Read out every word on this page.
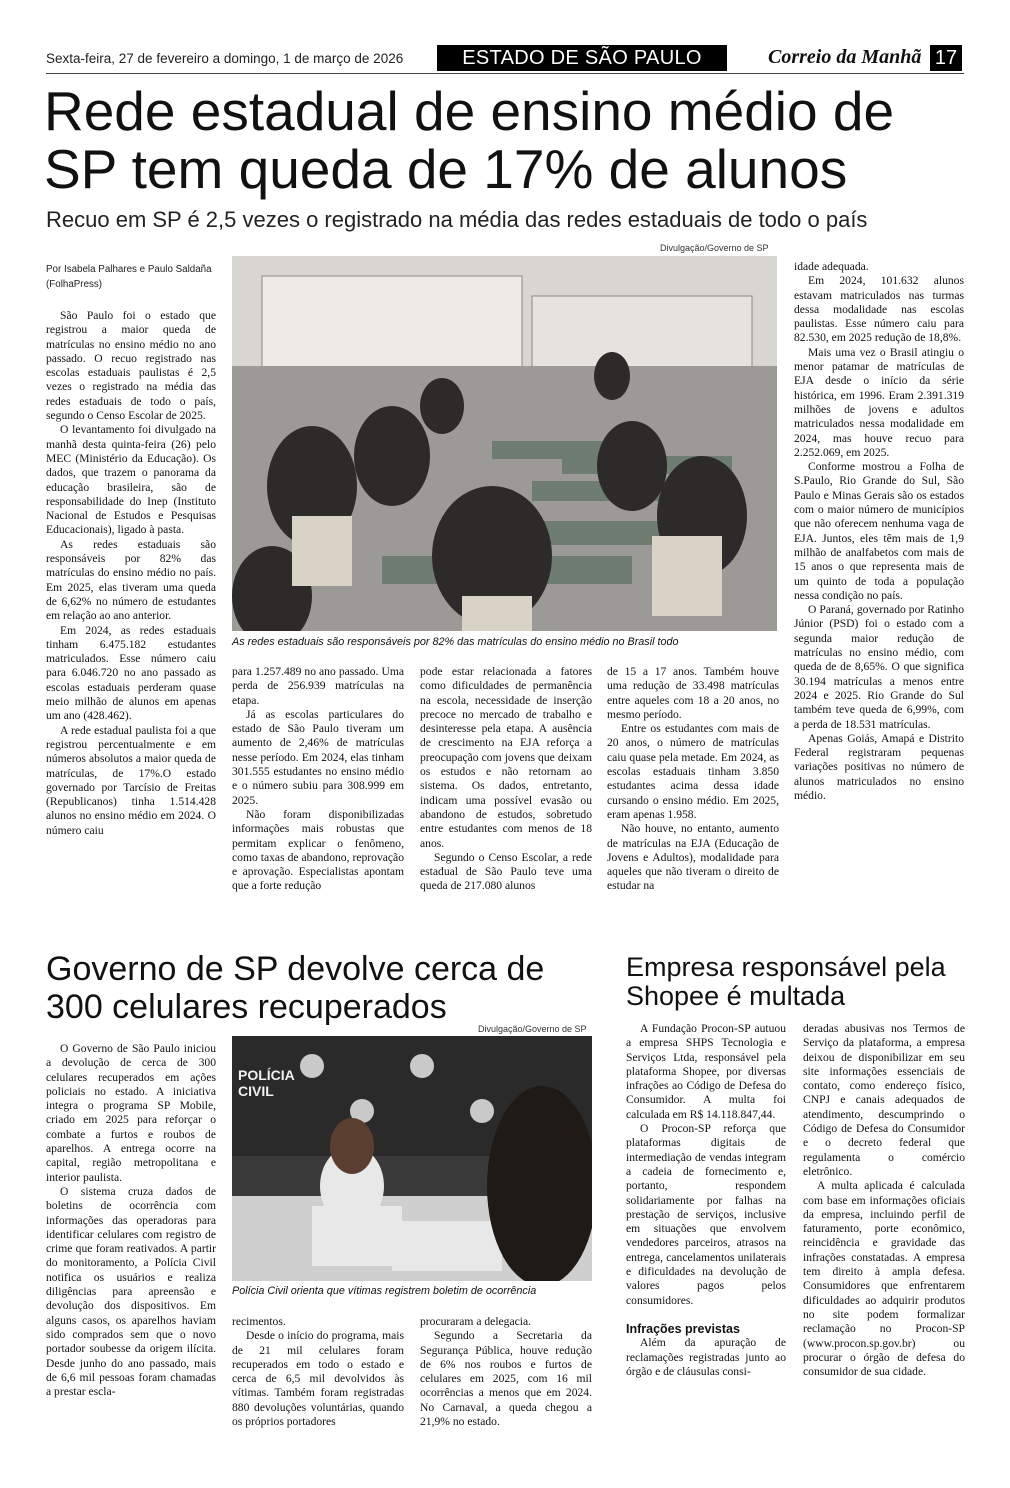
Sexta-feira, 27 de fevereiro a domingo, 1 de março de 2026	ESTADO DE SÃO PAULO	Correio da Manhã 17
Rede estadual de ensino médio de SP tem queda de 17% de alunos
Recuo em SP é 2,5 vezes o registrado na média das redes estaduais de todo o país
Divulgação/Governo de SP
As redes estaduais são responsáveis por 82% das matrículas do ensino médio no Brasil todo
Por Isabela Palhares e Paulo Saldaña (FolhaPress)

São Paulo foi o estado que registrou a maior queda de matrículas no ensino médio no ano passado. O recuo registrado nas escolas estaduais paulistas é 2,5 vezes o registrado na média das redes estaduais de todo o país, segundo o Censo Escolar de 2025.

O levantamento foi divulgado na manhã desta quinta-feira (26) pelo MEC (Ministério da Educação). Os dados, que trazem o panorama da educação brasileira, são de responsabilidade do Inep (Instituto Nacional de Estudos e Pesquisas Educacionais), ligado à pasta.

As redes estaduais são responsáveis por 82% das matrículas do ensino médio no país. Em 2025, elas tiveram uma queda de 6,62% no número de estudantes em relação ao ano anterior.

Em 2024, as redes estaduais tinham 6.475.182 estudantes matriculados. Esse número caiu para 6.046.720 no ano passado as escolas estaduais perderam quase meio milhão de alunos em apenas um ano (428.462).

A rede estadual paulista foi a que registrou percentualmente e em números absolutos a maior queda de matrículas, de 17%.O estado governado por Tarcísio de Freitas (Republicanos) tinha 1.514.428 alunos no ensino médio em 2024. O número caiu

para 1.257.489 no ano passado. Uma perda de 256.939 matrículas na etapa.

Já as escolas particulares do estado de São Paulo tiveram um aumento de 2,46% de matrículas nesse período. Em 2024, elas tinham 301.555 estudantes no ensino médio e o número subiu para 308.999 em 2025.

Não foram disponibilizadas informações mais robustas que permitam explicar o fenômeno, como taxas de abandono, reprovação e aprovação. Especialistas apontam que a forte redução

pode estar relacionada a fatores como dificuldades de permanência na escola, necessidade de inserção precoce no mercado de trabalho e desinteresse pela etapa. A ausência de crescimento na EJA reforça a preocupação com jovens que deixam os estudos e não retornam ao sistema. Os dados, entretanto, indicam uma possível evasão ou abandono de estudos, sobretudo entre estudantes com menos de 18 anos.

Segundo o Censo Escolar, a rede estadual de São Paulo teve uma queda de 217.080 alunos

de 15 a 17 anos. Também houve uma redução de 33.498 matrículas entre aqueles com 18 a 20 anos, no mesmo período.

Entre os estudantes com mais de 20 anos, o número de matrículas caiu quase pela metade. Em 2024, as escolas estaduais tinham 3.850 estudantes acima dessa idade cursando o ensino médio. Em 2025, eram apenas 1.958.

Não houve, no entanto, aumento de matrículas na EJA (Educação de Jovens e Adultos), modalidade para aqueles que não tiveram o direito de estudar na

idade adequada.

Em 2024, 101.632 alunos estavam matriculados nas turmas dessa modalidade nas escolas paulistas. Esse número caiu para 82.530, em 2025 redução de 18,8%.

Mais uma vez o Brasil atingiu o menor patamar de matrículas de EJA desde o início da série histórica, em 1996. Eram 2.391.319 milhões de jovens e adultos matriculados nessa modalidade em 2024, mas houve recuo para 2.252.069, em 2025.

Conforme mostrou a Folha de S.Paulo, Rio Grande do Sul, São Paulo e Minas Gerais são os estados com o maior número de municípios que não oferecem nenhuma vaga de EJA. Juntos, eles têm mais de 1,9 milhão de analfabetos com mais de 15 anos o que representa mais de um quinto de toda a população nessa condição no país.

O Paraná, governado por Ratinho Júnior (PSD) foi o estado com a segunda maior redução de matrículas no ensino médio, com queda de de 8,65%. O que significa 30.194 matrículas a menos entre 2024 e 2025. Rio Grande do Sul também teve queda de 6,99%, com a perda de 18.531 matrículas.

Apenas Goiás, Amapá e Distrito Federal registraram pequenas variações positivas no número de alunos matriculados no ensino médio.

Governo de SP devolve cerca de 300 celulares recuperados
Divulgação/Governo de SP
POLÍCIA
CIVIL
Polícia Civil orienta que vítimas registrem boletim de ocorrência

O Governo de São Paulo iniciou a devolução de cerca de 300 celulares recuperados em ações policiais no estado. A iniciativa integra o programa SP Mobile, criado em 2025 para reforçar o combate a furtos e roubos de aparelhos. A entrega ocorre na capital, região metropolitana e interior paulista.

O sistema cruza dados de boletins de ocorrência com informações das operadoras para identificar celulares com registro de crime que foram reativados. A partir do monitoramento, a Polícia Civil notifica os usuários e realiza diligências para apreensão e devolução dos dispositivos. Em alguns casos, os aparelhos haviam sido comprados sem que o novo portador soubesse da origem ilícita. Desde junho do ano passado, mais de 6,6 mil pessoas foram chamadas a prestar escla-

recimentos.

Desde o início do programa, mais de 21 mil celulares foram recuperados em todo o estado e cerca de 6,5 mil devolvidos às vítimas. Também foram registradas 880 devoluções voluntárias, quando os próprios portadores

procuraram a delegacia.

Segundo a Secretaria da Segurança Pública, houve redução de 6% nos roubos e furtos de celulares em 2025, com 16 mil ocorrências a menos que em 2024. No Carnaval, a queda chegou a 21,9% no estado.

Empresa responsável pela Shopee é multada

A Fundação Procon-SP autuou a empresa SHPS Tecnologia e Serviços Ltda, responsável pela plataforma Shopee, por diversas infrações ao Código de Defesa do Consumidor. A multa foi calculada em R$ 14.118.847,44.

O Procon-SP reforça que plataformas digitais de intermediação de vendas integram a cadeia de fornecimento e, portanto, respondem solidariamente por falhas na prestação de serviços, inclusive em situações que envolvem vendedores parceiros, atrasos na entrega, cancelamentos unilaterais e dificuldades na devolução de valores pagos pelos consumidores.

Infrações previstas

Além da apuração de reclamações registradas junto ao órgão e de cláusulas consi-

deradas abusivas nos Termos de Serviço da plataforma, a empresa deixou de disponibilizar em seu site informações essenciais de contato, como endereço físico, CNPJ e canais adequados de atendimento, descumprindo o Código de Defesa do Consumidor e o decreto federal que regulamenta o comércio eletrônico.

A multa aplicada é calculada com base em informações oficiais da empresa, incluindo perfil de faturamento, porte econômico, reincidência e gravidade das infrações constatadas. A empresa tem direito à ampla defesa. Consumidores que enfrentarem dificuldades ao adquirir produtos no site podem formalizar reclamação no Procon-SP (www.procon.sp.gov.br) ou procurar o órgão de defesa do consumidor de sua cidade.
